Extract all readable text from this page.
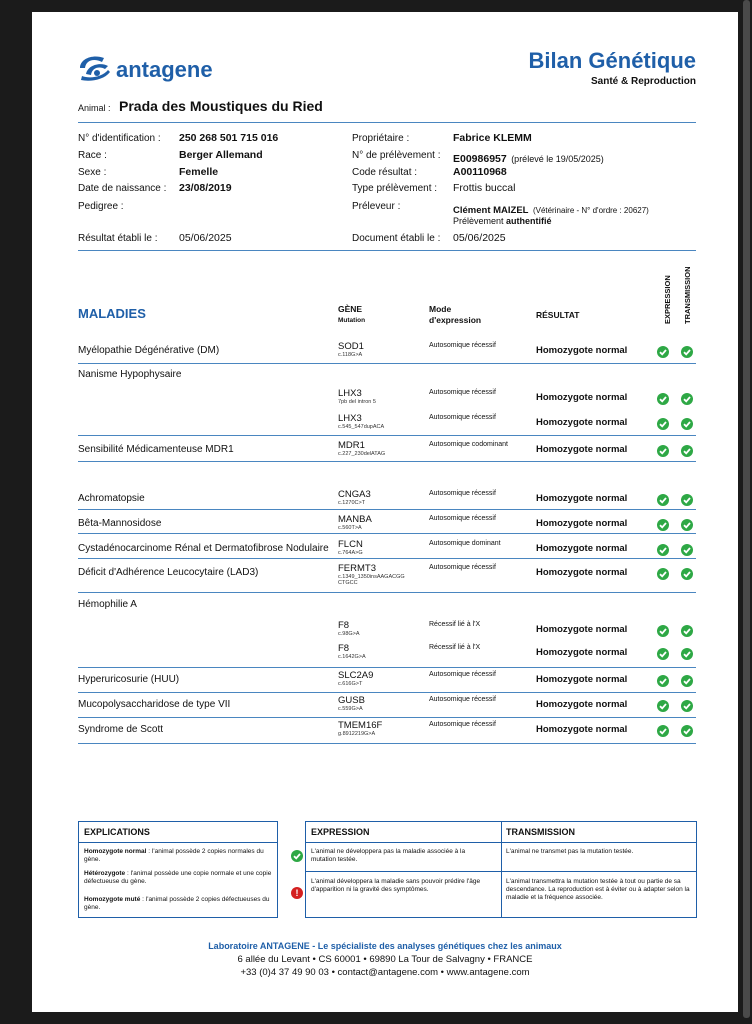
antagene	Bilan Génétique
Santé & Reproduction
Animal : Prada des Moustiques du Ried
N° d'identification : 250 268 501 715 016
Race :	Berger Allemand
Sexe :	Femelle
Date de naissance : 23/08/2019
Pedigree :
Propriétaire :	Fabrice KLEMM
N° de prélèvement : E00986957 (prélevé le 19/05/2025)
Code résultat :	A00110968
Type prélèvement : Frottis buccal
Préleveur :	Clément MAIZEL (Vétérinaire - N° d'ordre : 20627)
Prélèvement authentifié
Résultat établi le : 05/06/2025	Document établi le : 05/06/2025
MALADIES	GÈNE
Mutation
Mode
d'expression	RÉSULTAT	EXPRESSION TRANSMISSION
Myélopathie Dégénérative (DM)	SOD1
c.118G>A
Autosomique récessif	Homozygote normal
Nanisme Hypophysaire
LHX3
7pb del intron 5
Autosomique récessif	Homozygote normal
LHX3
c.545_547dupACA
Autosomique récessif	Homozygote normal
Sensibilité Médicamenteuse MDR1	MDR1
c.227_230delATAG
Autosomique codominant	Homozygote normal
Achromatopsie	CNGA3
c.1270C>T
Autosomique récessif	Homozygote normal
Bêta-Mannosidose	MANBA
c.560T>A
Autosomique récessif	Homozygote normal
Cystadénocarcinome Rénal et Dermatofibrose Nodulaire FLCN
c.764A>G
Autosomique dominant	Homozygote normal
Déficit d'Adhérence Leucocytaire (LAD3)	FERMT3
c.1349_1350insAAGACGG
CTGCC
Autosomique récessif	Homozygote normal
Hémophilie A
F8
c.98G>A
Récessif lié à l'X	Homozygote normal
F8
c.1642G>A
Récessif lié à l'X	Homozygote normal
Hyperuricosurie (HUU)	SLC2A9
c.616G>T
Autosomique récessif	Homozygote normal
Mucopolysaccharidose de type VII	GUSB
c.559G>A
Autosomique récessif	Homozygote normal
Syndrome de Scott	TMEM16F
g.8912219G>A
Autosomique récessif	Homozygote normal
EXPLICATIONS
Homozygote normal : l'animal possède 2 copies normales du gène.
Hétérozygote : l'animal possède une copie normale et une copie défectueuse du gène.
Homozygote muté : l'animal possède 2 copies défectueuses du gène.
EXPRESSION	TRANSMISSION
L'animal ne développera pas la maladie associée à la mutation testée.
L'animal ne transmet pas la mutation testée.
L'animal développera la maladie sans pouvoir prédire l'âge d'apparition ni la gravité des symptômes.
L'animal transmettra la mutation testée à tout ou partie de sa descendance. La reproduction est à éviter ou à adapter selon la maladie et la fréquence associée.
!
Laboratoire ANTAGENE - Le spécialiste des analyses génétiques chez les animaux
6 allée du Levant • CS 60001 • 69890 La Tour de Salvagny • FRANCE
+33 (0)4 37 49 90 03 • contact@antagene.com • www.antagene.com
